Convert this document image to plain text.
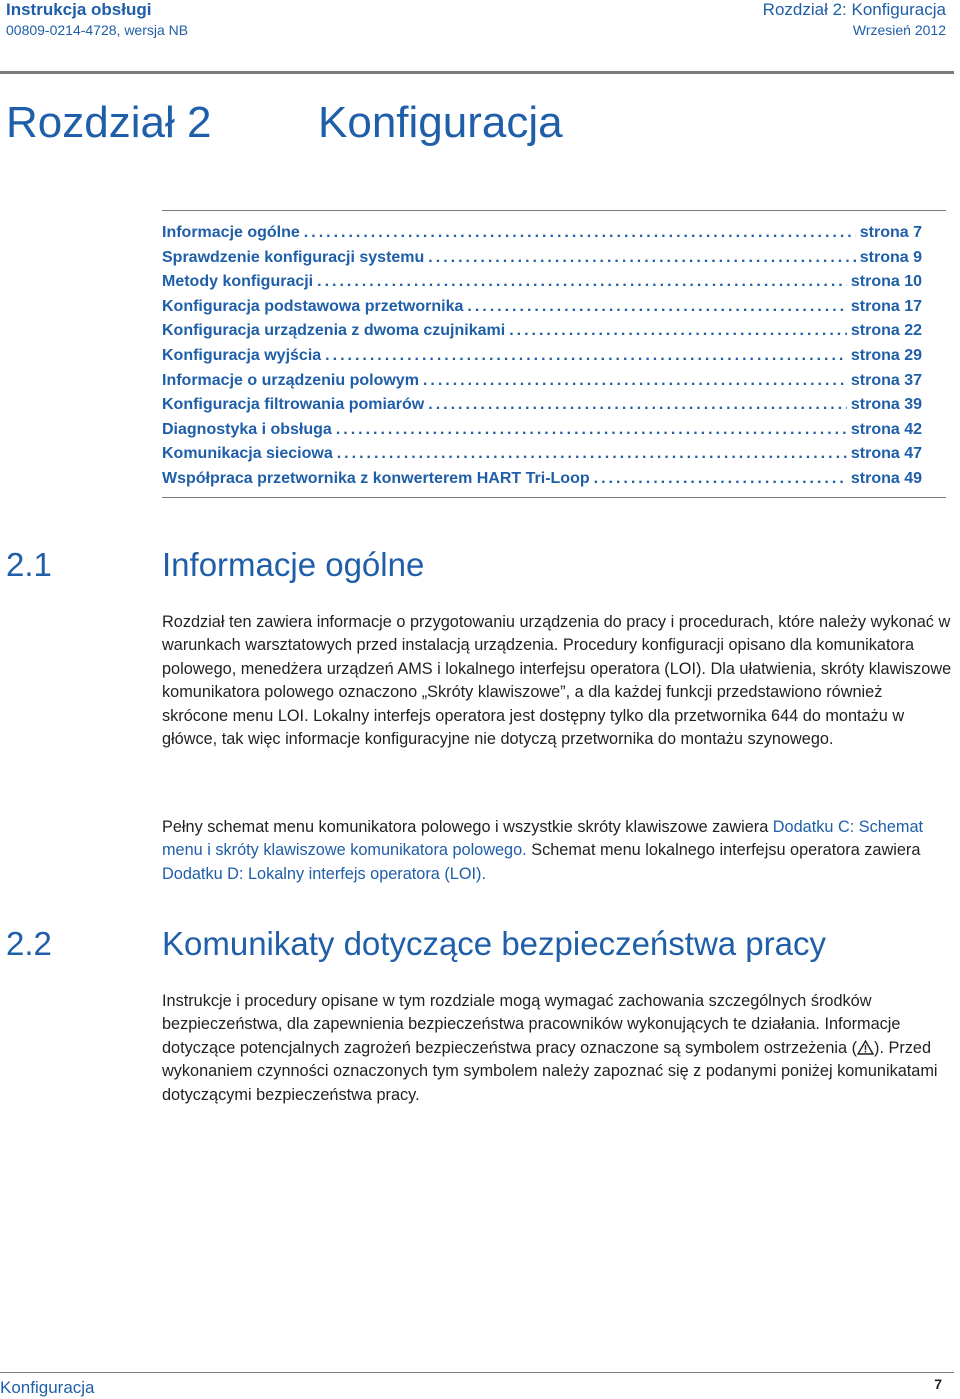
Instrukcja obsługi
00809-0214-4728, wersja NB
Rozdział 2: Konfiguracja
Wrzesień 2012
Rozdział 2 Konfiguracja
Informacje ogólne .....	strona 7
Sprawdzenie konfiguracji systemu .....	strona 9
Metody konfiguracji .....	strona 10
Konfiguracja podstawowa przetwornika .....	strona 17
Konfiguracja urządzenia z dwoma czujnikami .....	strona 22
Konfiguracja wyjścia .....	strona 29
Informacje o urządzeniu polowym .....	strona 37
Konfiguracja filtrowania pomiarów .....	strona 39
Diagnostyka i obsługa .....	strona 42
Komunikacja sieciowa .....	strona 47
Współpraca przetwornika z konwerterem HART Tri-Loop .....	strona 49
2.1	Informacje ogólne
Rozdział ten zawiera informacje o przygotowaniu urządzenia do pracy i procedurach, które należy wykonać w warunkach warsztatowych przed instalacją urządzenia. Procedury konfiguracji opisano dla komunikatora polowego, menedżera urządzeń AMS i lokalnego interfejsu operatora (LOI). Dla ułatwienia, skróty klawiszowe komunikatora polowego oznaczono „Skróty klawiszowe”, a dla każdej funkcji przedstawiono również skrócone menu LOI. Lokalny interfejs operatora jest dostępny tylko dla przetwornika 644 do montażu w główce, tak więc informacje konfiguracyjne nie dotyczą przetwornika do montażu szynowego.
Pełny schemat menu komunikatora polowego i wszystkie skróty klawiszowe zawiera Dodatku C: Schemat menu i skróty klawiszowe komunikatora polowego. Schemat menu lokalnego interfejsu operatora zawiera Dodatku D: Lokalny interfejs operatora (LOI).
2.2	Komunikaty dotyczące bezpieczeństwa pracy
Instrukcje i procedury opisane w tym rozdziale mogą wymagać zachowania szczególnych środków bezpieczeństwa, dla zapewnienia bezpieczeństwa pracowników wykonujących te działania. Informacje dotyczące potencjalnych zagrożeń bezpieczeństwa pracy oznaczone są symbolem ostrzeżenia ( ). Przed wykonaniem czynności oznaczonych tym symbolem należy zapoznać się z podanymi poniżej komunikatami dotyczącymi bezpieczeństwa pracy.
Konfiguracja	7
